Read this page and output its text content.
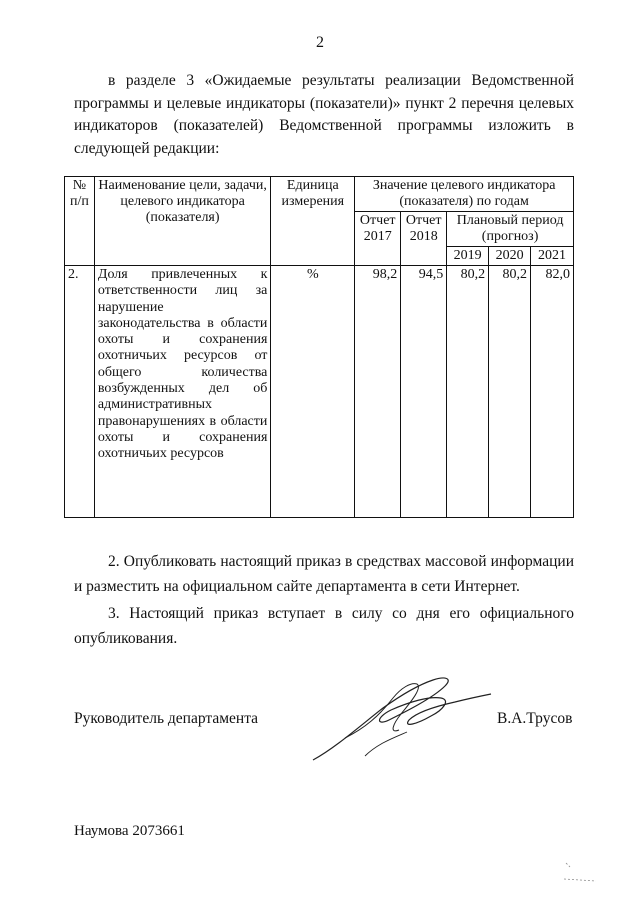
2

в разделе 3 «Ожидаемые результаты реализации Ведомственной программы и целевые индикаторы (показатели)» пункт 2 перечня целевых индикаторов (показателей) Ведомственной программы изложить в следующей редакции:

№ п/п	Наименование цели, задачи, целевого индикатора (показателя)	Единица измерения	Значение целевого индикатора (показателя) по годам				
			Отчет 2017	Отчет 2018	Плановый период (прогноз)		
					2019	2020	2021
2.	Доля привлеченных к ответственности лиц за нарушение законодательства в области охоты и сохранения охотничьих ресурсов от общего количества возбужденных дел об административных правонарушениях в области охоты и сохранения охотничьих ресурсов	%	98,2	94,5	80,2	80,2	82,0

2. Опубликовать настоящий приказ в средствах массовой информации и разместить на официальном сайте департамента в сети Интернет.

3. Настоящий приказ вступает в силу со дня его официального опубликования.

Руководитель департамента	В.А.Трусов
Наумова 2073661
